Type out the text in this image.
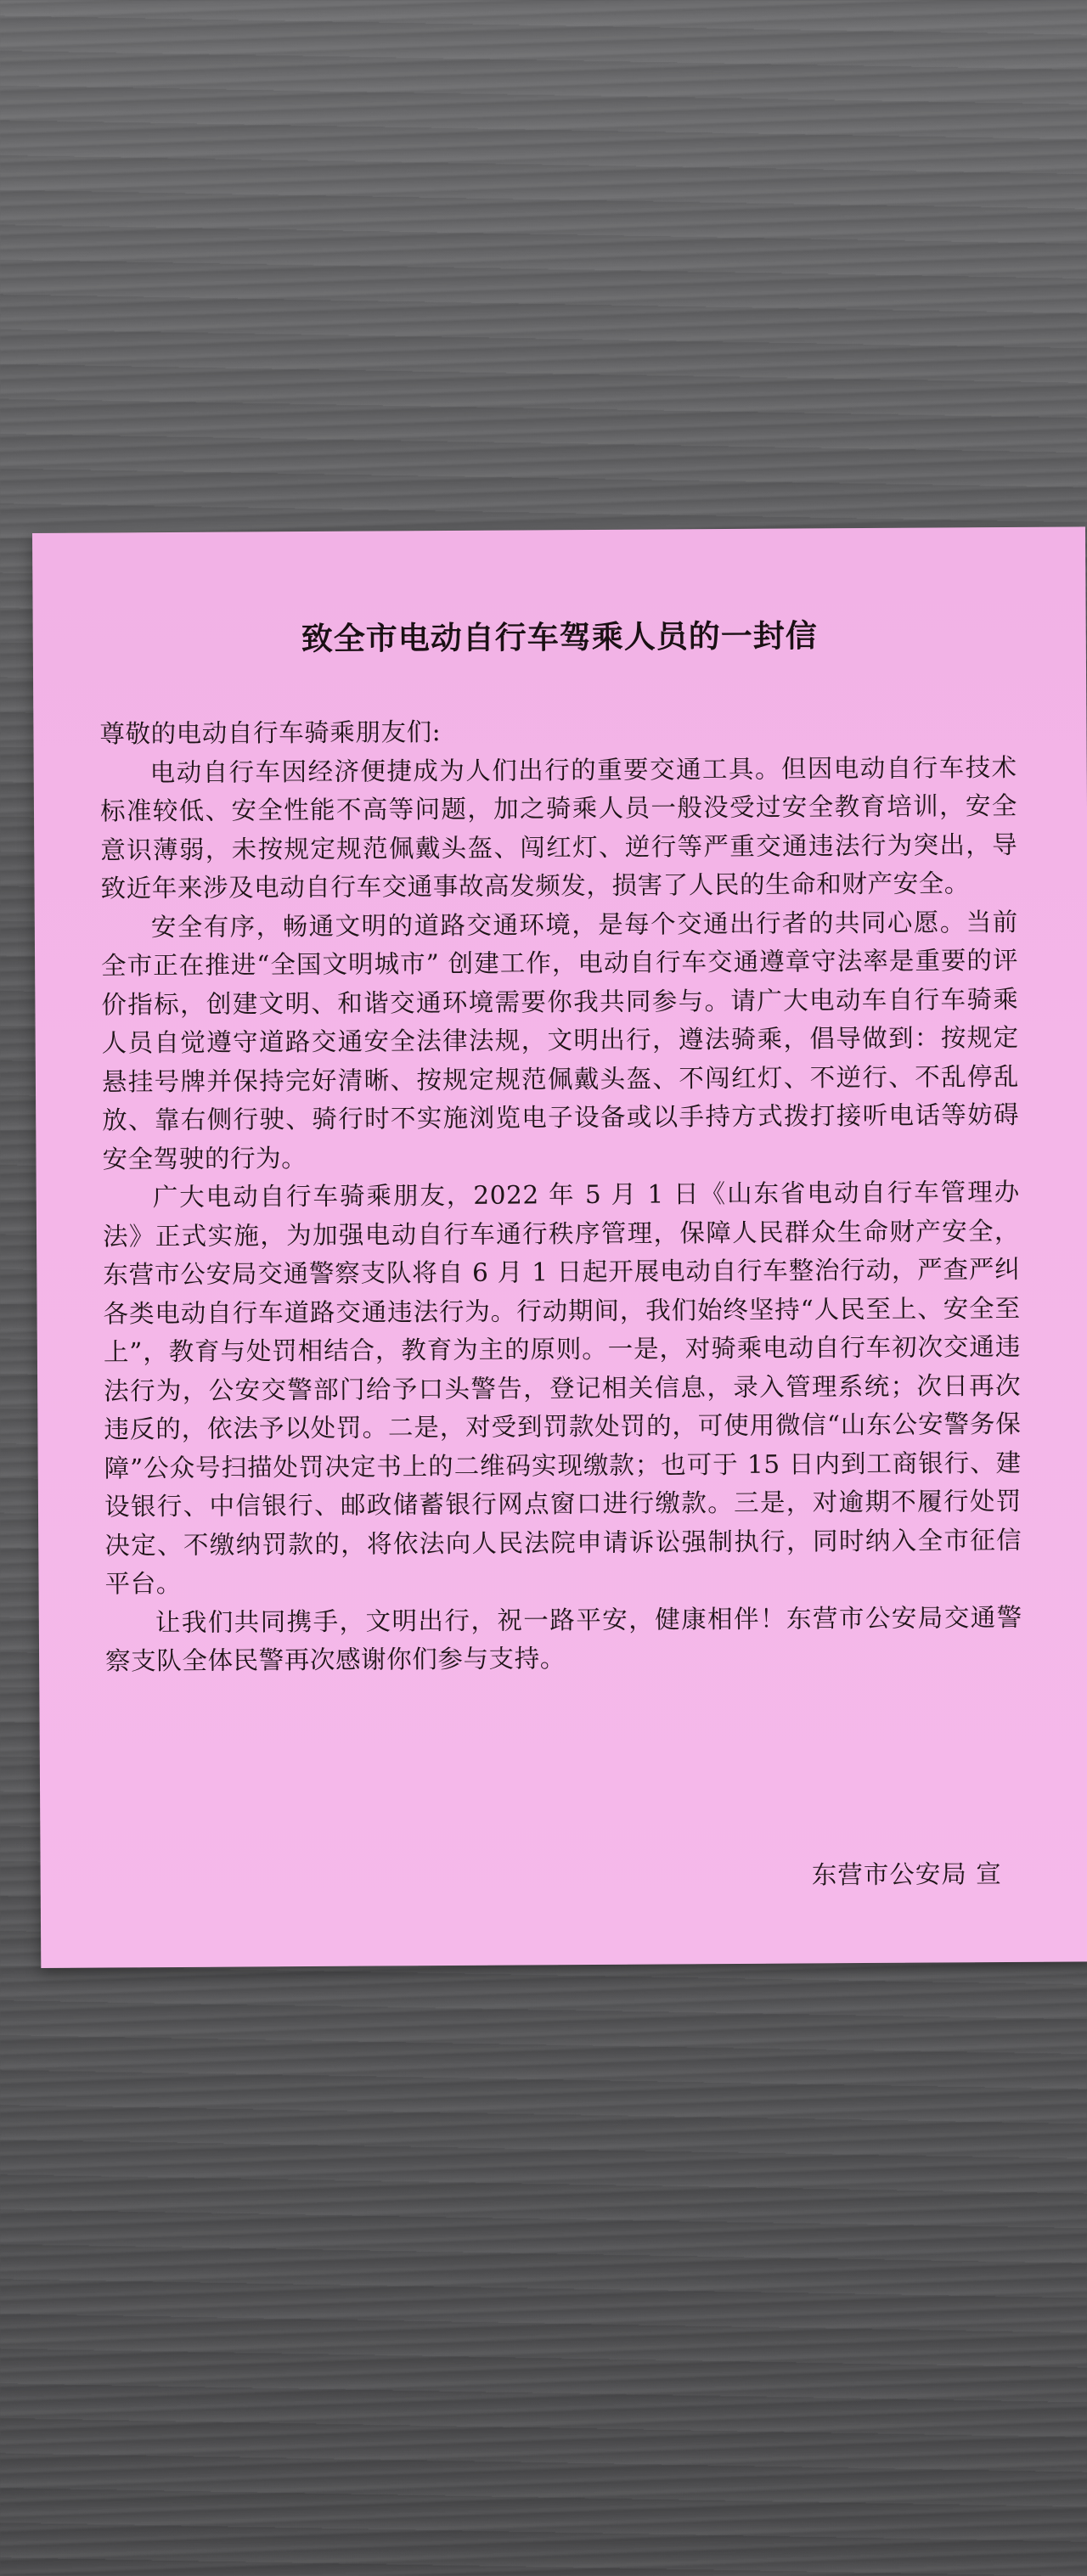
致全市电动自行车驾乘人员的一封信

尊敬的电动自行车骑乘朋友们:

电动自行车因经济便捷成为人们出行的重要交通工具。但因电动自行车技术标准较低、安全性能不高等问题，加之骑乘人员一般没受过安全教育培训，安全意识薄弱，未按规定规范佩戴头盔、闯红灯、逆行等严重交通违法行为突出，导致近年来涉及电动自行车交通事故高发频发，损害了人民的生命和财产安全。

安全有序，畅通文明的道路交通环境，是每个交通出行者的共同心愿。当前全市正在推进“全国文明城市” 创建工作，电动自行车交通遵章守法率是重要的评价指标，创建文明、和谐交通环境需要你我共同参与。请广大电动车自行车骑乘人员自觉遵守道路交通安全法律法规，文明出行，遵法骑乘，倡导做到：按规定悬挂号牌并保持完好清晰、按规定规范佩戴头盔、不闯红灯、不逆行、不乱停乱放、靠右侧行驶、骑行时不实施浏览电子设备或以手持方式拨打接听电话等妨碍安全驾驶的行为。

广大电动自行车骑乘朋友，2022 年 5 月 1 日《山东省电动自行车管理办法》正式实施，为加强电动自行车通行秩序管理，保障人民群众生命财产安全，东营市公安局交通警察支队将自 6 月 1 日起开展电动自行车整治行动，严查严纠各类电动自行车道路交通违法行为。行动期间，我们始终坚持“人民至上、安全至上”，教育与处罚相结合，教育为主的原则。一是，对骑乘电动自行车初次交通违法行为，公安交警部门给予口头警告，登记相关信息，录入管理系统；次日再次违反的，依法予以处罚。二是，对受到罚款处罚的，可使用微信“山东公安警务保障”公众号扫描处罚决定书上的二维码实现缴款；也可于 15 日内到工商银行、建设银行、中信银行、邮政储蓄银行网点窗口进行缴款。三是，对逾期不履行处罚决定、不缴纳罚款的，将依法向人民法院申请诉讼强制执行，同时纳入全市征信平台。

让我们共同携手，文明出行，祝一路平安，健康相伴！东营市公安局交通警察支队全体民警再次感谢你们参与支持。

东营市公安局 宣
